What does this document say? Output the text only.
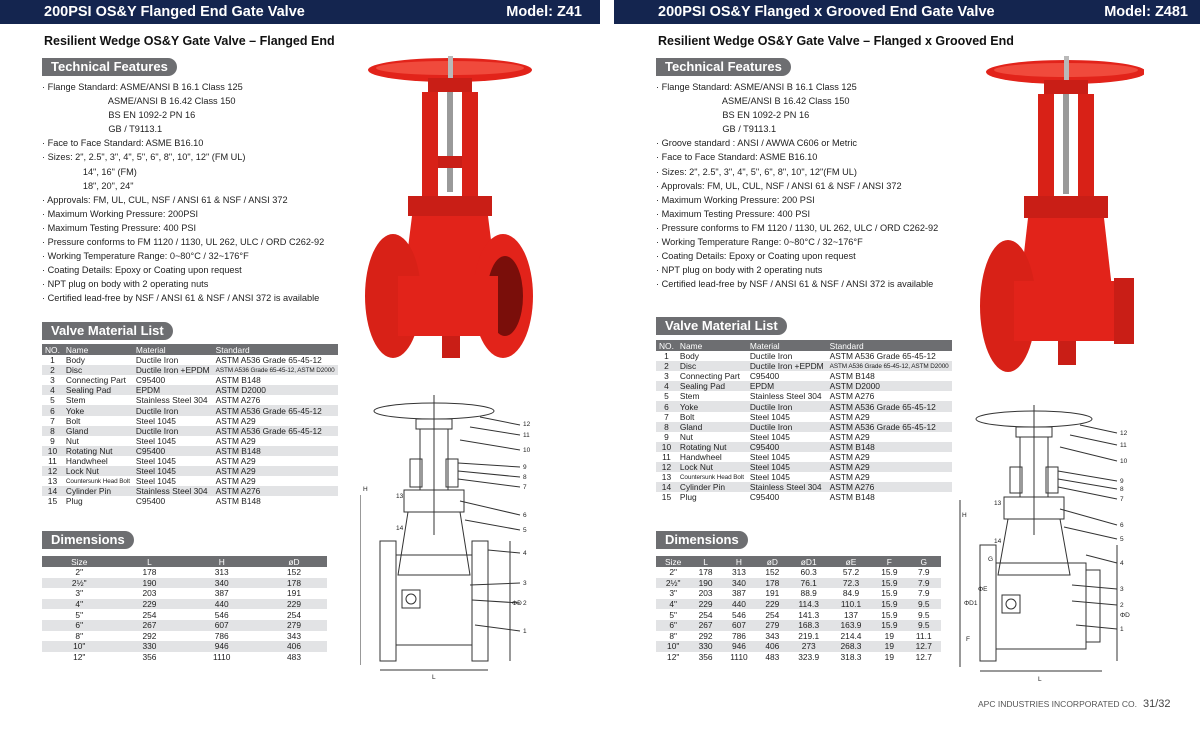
200PSI OS&Y Flanged End Gate Valve	Model: Z41
Resilient Wedge OS&Y Gate Valve – Flanged End
Technical Features
· Flange Standard: ASME/ANSI B 16.1 Class 125
ASME/ANSI B 16.42 Class 150
BS EN 1092-2 PN 16
GB / T9113.1
· Face to Face Standard: ASME B16.10
· Sizes: 2", 2.5", 3", 4", 5", 6", 8", 10", 12" (FM UL)
14", 16" (FM)
18", 20", 24"
· Approvals: FM, UL, CUL, NSF / ANSI 61 & NSF / ANSI 372
· Maximum Working Pressure: 200PSI
· Maximum Testing Pressure: 400 PSI
· Pressure conforms to FM 1120 / 1130, UL 262, ULC / ORD C262-92
· Working Temperature Range: 0~80°C / 32~176°F
· Coating Details: Epoxy or Coating upon request
· NPT plug on body with 2 operating nuts
· Certified lead-free by NSF / ANSI 61 & NSF / ANSI 372 is available
Valve Material List
NO.	Name	Material	Standard
1	Body	Ductile Iron	ASTM A536 Grade 65-45-12
2	Disc	Ductile Iron +EPDM	ASTM A536 Grade 65-45-12, ASTM D2000
3	Connecting Part	C95400	ASTM B148
4	Sealing Pad	EPDM	ASTM D2000
5	Stem	Stainless Steel 304	ASTM A276
6	Yoke	Ductile Iron	ASTM A536 Grade 65-45-12
7	Bolt	Steel 1045	ASTM A29
8	Gland	Ductile Iron	ASTM A536 Grade 65-45-12
9	Nut	Steel 1045	ASTM A29
10	Rotating Nut	C95400	ASTM B148
11	Handwheel	Steel 1045	ASTM A29
12	Lock Nut	Steel 1045	ASTM A29
13	Countersunk Head Bolt	Steel 1045	ASTM A29
14	Cylinder Pin	Stainless Steel 304	ASTM A276
15	Plug	C95400	ASTM B148
Dimensions
Size	L	H	øD
2"	178	313	152
2½"	190	340	178
3"	203	387	191
4"	229	440	229
5"	254	546	254
6"	267	607	279
8"	292	786	343
10"	330	946	406
12"	356	1110	483
12
11
10
9
8
7
6
5
4
3
2
1
13
14
H
L
ΦD
200PSI OS&Y Flanged x Grooved End Gate Valve	Model: Z481
Resilient Wedge OS&Y Gate Valve – Flanged x Grooved End
Technical Features
· Flange Standard: ASME/ANSI B 16.1 Class 125
ASME/ANSI B 16.42 Class 150
BS EN 1092-2 PN 16
GB / T9113.1
· Groove standard : ANSI / AWWA C606 or Metric
· Face to Face Standard: ASME B16.10
· Sizes: 2", 2.5", 3", 4", 5", 6", 8", 10", 12"(FM UL)
· Approvals: FM, UL, CUL, NSF / ANSI 61 & NSF / ANSI 372
· Maximum Working Pressure: 200 PSI
· Maximum Testing Pressure: 400 PSI
· Pressure conforms to FM 1120 / 1130, UL 262, ULC / ORD C262-92
· Working Temperature Range: 0~80°C / 32~176°F
· Coating Details: Epoxy or Coating upon request
· NPT plug on body with 2 operating nuts
· Certified lead-free by NSF / ANSI 61 & NSF / ANSI 372 is available
Valve Material List
NO.	Name	Material	Standard
1	Body	Ductile Iron	ASTM A536 Grade 65-45-12
2	Disc	Ductile Iron +EPDM	ASTM A536 Grade 65-45-12, ASTM D2000
3	Connecting Part	C95400	ASTM B148
4	Sealing Pad	EPDM	ASTM D2000
5	Stem	Stainless Steel 304	ASTM A276
6	Yoke	Ductile Iron	ASTM A536 Grade 65-45-12
7	Bolt	Steel 1045	ASTM A29
8	Gland	Ductile Iron	ASTM A536 Grade 65-45-12
9	Nut	Steel 1045	ASTM A29
10	Rotating Nut	C95400	ASTM B148
11	Handwheel	Steel 1045	ASTM A29
12	Lock Nut	Steel 1045	ASTM A29
13	Countersunk Head Bolt	Steel 1045	ASTM A29
14	Cylinder Pin	Stainless Steel 304	ASTM A276
15	Plug	C95400	ASTM B148
Dimensions
Size	L	H	øD	øD1	øE	F	G
2"	178	313	152	60.3	57.2	15.9	7.9
2½"	190	340	178	76.1	72.3	15.9	7.9
3"	203	387	191	88.9	84.9	15.9	7.9
4"	229	440	229	114.3	110.1	15.9	9.5
5"	254	546	254	141.3	137	15.9	9.5
6"	267	607	279	168.3	163.9	15.9	9.5
8"	292	786	343	219.1	214.4	19	11.1
10"	330	946	406	273	268.3	19	12.7
12"	356	1110	483	323.9	318.3	19	12.7
12
11
10
9
8
7
6
5
4
3
2
1
13
14
H
L
ΦD
ΦD1
ΦE
F
G
APC INDUSTRIES INCORPORATED CO. 31/32
